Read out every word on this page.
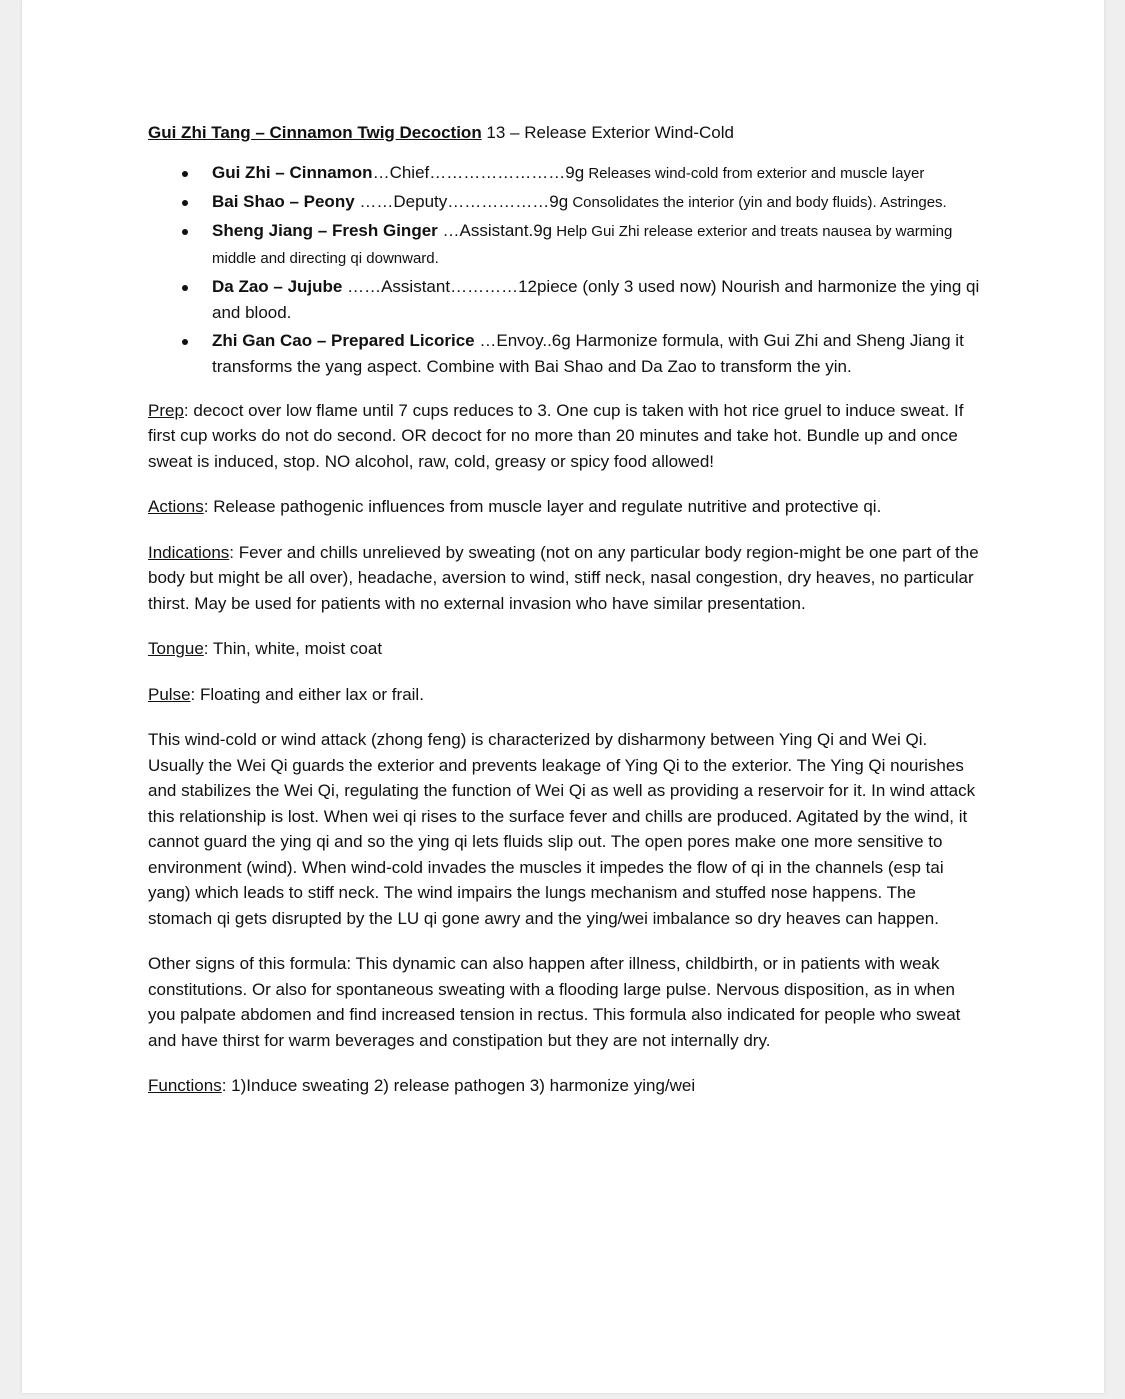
Gui Zhi Tang – Cinnamon Twig Decoction 13 – Release Exterior Wind-Cold

Gui Zhi – Cinnamon…Chief……………………9g Releases wind-cold from exterior and muscle layer
Bai Shao – Peony ……Deputy………………9g Consolidates the interior (yin and body fluids). Astringes.
Sheng Jiang – Fresh Ginger …Assistant.9g Help Gui Zhi release exterior and treats nausea by warming middle and directing qi downward.
Da Zao – Jujube ……Assistant…………12piece (only 3 used now) Nourish and harmonize the ying qi and blood.
Zhi Gan Cao – Prepared Licorice …Envoy..6g Harmonize formula, with Gui Zhi and Sheng Jiang it transforms the yang aspect. Combine with Bai Shao and Da Zao to transform the yin.

Prep: decoct over low flame until 7 cups reduces to 3. One cup is taken with hot rice gruel to induce sweat. If first cup works do not do second. OR decoct for no more than 20 minutes and take hot. Bundle up and once sweat is induced, stop. NO alcohol, raw, cold, greasy or spicy food allowed!

Actions: Release pathogenic influences from muscle layer and regulate nutritive and protective qi.

Indications: Fever and chills unrelieved by sweating (not on any particular body region-might be one part of the body but might be all over), headache, aversion to wind, stiff neck, nasal congestion, dry heaves, no particular thirst. May be used for patients with no external invasion who have similar presentation.

Tongue: Thin, white, moist coat

Pulse: Floating and either lax or frail.

This wind-cold or wind attack (zhong feng) is characterized by disharmony between Ying Qi and Wei Qi. Usually the Wei Qi guards the exterior and prevents leakage of Ying Qi to the exterior. The Ying Qi nourishes and stabilizes the Wei Qi, regulating the function of Wei Qi as well as providing a reservoir for it. In wind attack this relationship is lost. When wei qi rises to the surface fever and chills are produced. Agitated by the wind, it cannot guard the ying qi and so the ying qi lets fluids slip out. The open pores make one more sensitive to environment (wind). When wind-cold invades the muscles it impedes the flow of qi in the channels (esp tai yang) which leads to stiff neck. The wind impairs the lungs mechanism and stuffed nose happens. The stomach qi gets disrupted by the LU qi gone awry and the ying/wei imbalance so dry heaves can happen.

Other signs of this formula: This dynamic can also happen after illness, childbirth, or in patients with weak constitutions. Or also for spontaneous sweating with a flooding large pulse. Nervous disposition, as in when you palpate abdomen and find increased tension in rectus. This formula also indicated for people who sweat and have thirst for warm beverages and constipation but they are not internally dry.

Functions: 1)Induce sweating 2) release pathogen 3) harmonize ying/wei
